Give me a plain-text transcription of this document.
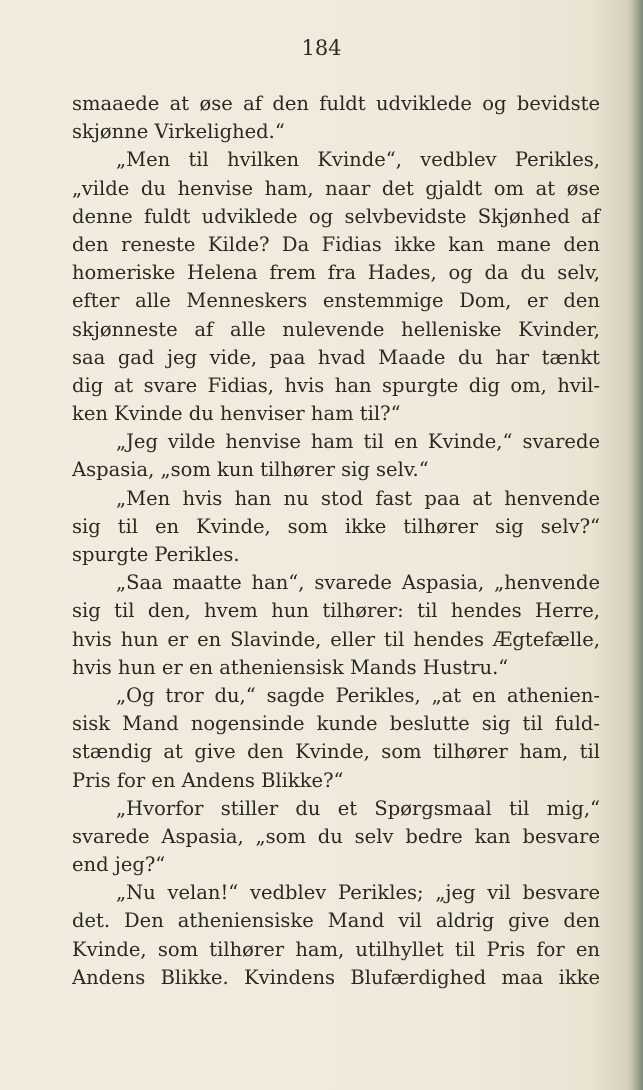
184
smaaede at øse af den fuldt udviklede og bevidste
skjønne Virkelighed.“
„Men til hvilken Kvinde“, vedblev Perikles,
„vilde du henvise ham, naar det gjaldt om at øse
denne fuldt udviklede og selvbevidste Skjønhed af
den reneste Kilde? Da Fidias ikke kan mane den
homeriske Helena frem fra Hades, og da du selv,
efter alle Menneskers enstemmige Dom, er den
skjønneste af alle nulevende helleniske Kvinder,
saa gad jeg vide, paa hvad Maade du har tænkt
dig at svare Fidias, hvis han spurgte dig om, hvil-
ken Kvinde du henviser ham til?“
„Jeg vilde henvise ham til en Kvinde,“ svarede
Aspasia, „som kun tilhører sig selv.“
„Men hvis han nu stod fast paa at henvende
sig til en Kvinde, som ikke tilhører sig selv?“
spurgte Perikles.
„Saa maatte han“, svarede Aspasia, „henvende
sig til den, hvem hun tilhører: til hendes Herre,
hvis hun er en Slavinde, eller til hendes Ægtefælle,
hvis hun er en atheniensisk Mands Hustru.“
„Og tror du,“ sagde Perikles, „at en athenien-
sisk Mand nogensinde kunde beslutte sig til fuld-
stændig at give den Kvinde, som tilhører ham, til
Pris for en Andens Blikke?“
„Hvorfor stiller du et Spørgsmaal til mig,“
svarede Aspasia, „som du selv bedre kan besvare
end jeg?“
„Nu velan!“ vedblev Perikles; „jeg vil besvare
det. Den atheniensiske Mand vil aldrig give den
Kvinde, som tilhører ham, utilhyllet til Pris for en
Andens Blikke. Kvindens Blufærdighed maa ikke
